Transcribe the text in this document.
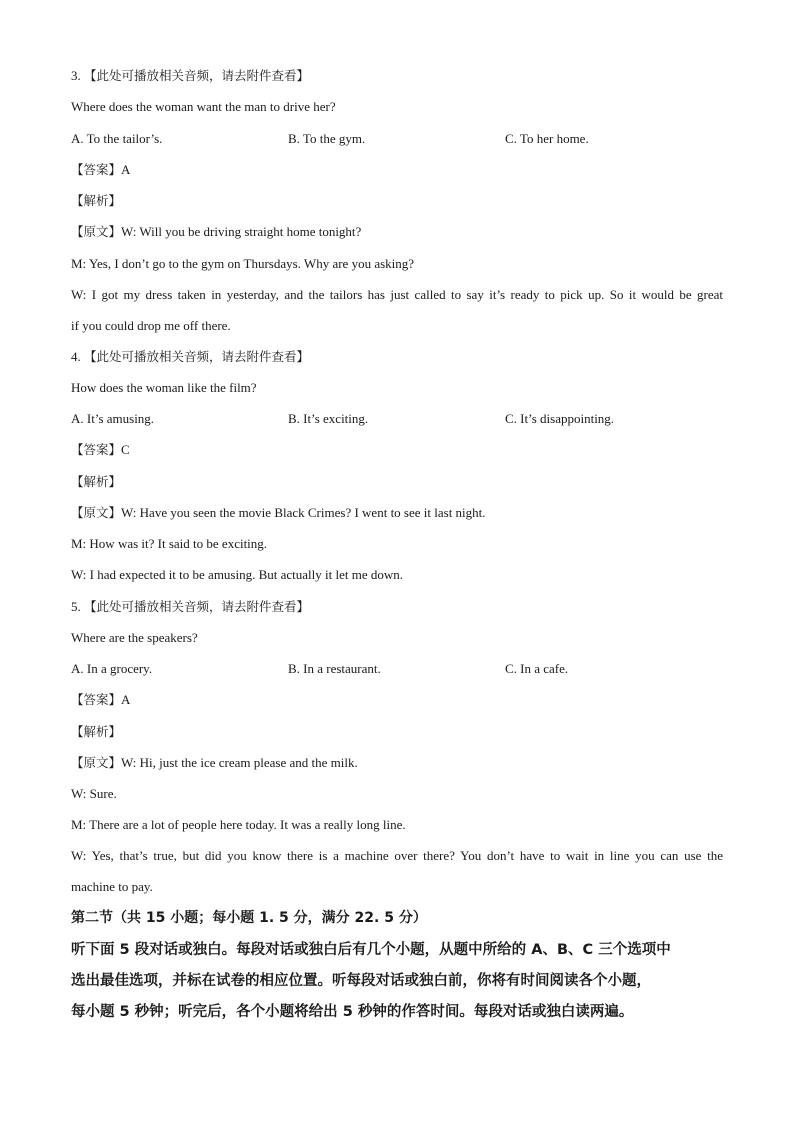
3. 【此处可播放相关音频，请去附件查看】
Where does the woman want the man to drive her?
A. To the tailor’s.	B. To the gym.	C. To her home.
【答案】A
【解析】
【原文】W: Will you be driving straight home tonight?
M: Yes, I don’t go to the gym on Thursdays. Why are you asking?
W: I got my dress taken in yesterday, and the tailors has just called to say it’s ready to pick up. So it would be great
if you could drop me off there.
4. 【此处可播放相关音频，请去附件查看】
How does the woman like the film?
A. It’s amusing.	B. It’s exciting.	C. It’s disappointing.
【答案】C
【解析】
【原文】W: Have you seen the movie Black Crimes? I went to see it last night.
M: How was it? It said to be exciting.
W: I had expected it to be amusing. But actually it let me down.
5. 【此处可播放相关音频，请去附件查看】
Where are the speakers?
A. In a grocery.	B. In a restaurant.	C. In a cafe.
【答案】A
【解析】
【原文】W: Hi, just the ice cream please and the milk.
W: Sure.
M: There are a lot of people here today. It was a really long line.
W: Yes, that’s true, but did you know there is a machine over there? You don’t have to wait in line you can use the
machine to pay.
第二节（共 15 小题；每小题 1. 5 分，满分 22. 5 分）
听下面 5 段对话或独白。每段对话或独白后有几个小题，从题中所给的 A、B、C 三个选项中
选出最佳选项，并标在试卷的相应位置。听每段对话或独白前，你将有时间阅读各个小题，
每小题 5 秒钟；听完后，各个小题将给出 5 秒钟的作答时间。每段对话或独白读两遍。
